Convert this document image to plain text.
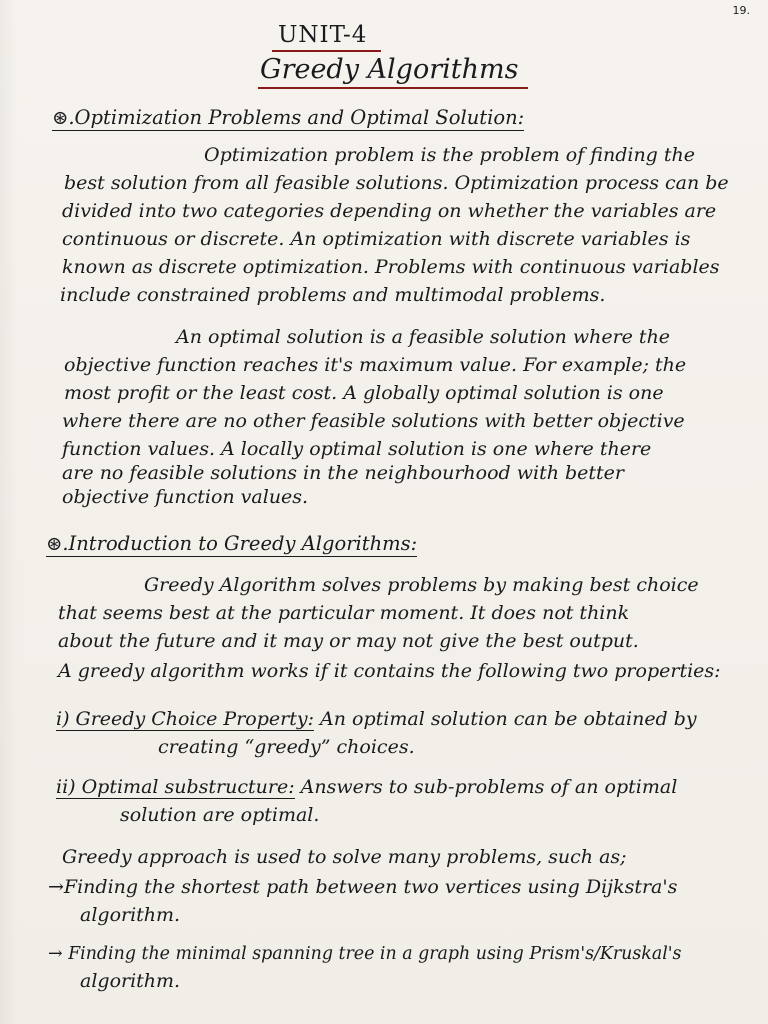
19.
UNIT-4
Greedy Algorithms
⊛.Optimization Problems and Optimal Solution:
Optimization problem is the problem of finding the
best solution from all feasible solutions. Optimization process can be
divided into two categories depending on whether the variables are
continuous or discrete. An optimization with discrete variables is
known as discrete optimization. Problems with continuous variables
include constrained problems and multimodal problems.
An optimal solution is a feasible solution where the
objective function reaches it's maximum value. For example; the
most profit or the least cost. A globally optimal solution is one
where there are no other feasible solutions with better objective
function values. A locally optimal solution is one where there
are no feasible solutions in the neighbourhood with better
objective function values.
⊛.Introduction to Greedy Algorithms:
Greedy Algorithm solves problems by making best choice
that seems best at the particular moment. It does not think
about the future and it may or may not give the best output.
A greedy algorithm works if it contains the following two properties:
i) Greedy Choice Property: An optimal solution can be obtained by
creating “greedy” choices.
ii) Optimal substructure: Answers to sub-problems of an optimal
solution are optimal.
Greedy approach is used to solve many problems, such as;
→Finding the shortest path between two vertices using Dijkstra's
algorithm.
→ Finding the minimal spanning tree in a graph using Prism's/Kruskal's
algorithm.
